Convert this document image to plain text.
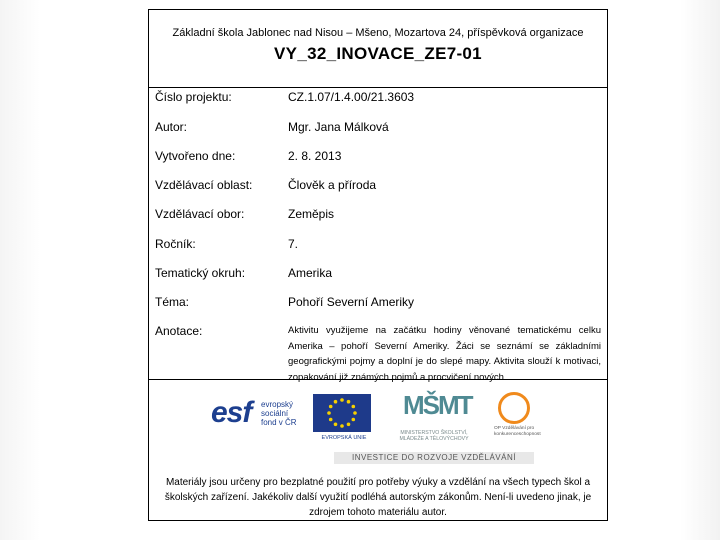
Základní škola Jablonec nad Nisou – Mšeno, Mozartova 24, příspěvková organizace
VY_32_INOVACE_ZE7-01
Číslo projektu:	CZ.1.07/1.4.00/21.3603
Autor:	Mgr. Jana Málková
Vytvořeno dne:	2. 8. 2013
Vzdělávací oblast:	Člověk a příroda
Vzdělávací obor:	Zeměpis
Ročník:	7.
Tematický okruh:	Amerika
Téma:	Pohoří Severní Ameriky
Anotace:	Aktivitu využijeme na začátku hodiny věnované tematickému celku Amerika – pohoří Severní Ameriky. Žáci se seznámí se základními geografickými pojmy a doplní je do slepé mapy. Aktivita slouží k motivaci, zopakování již známých pojmů a procvičení nových.
esf evropský sociální fond v ČR
EVROPSKÁ UNIE
MŠMT
MINISTERSTVO ŠKOLSTVÍ, MLÁDEŽE A TĚLOVÝCHOVY
OP Vzdělávání pro konkurenceschopnost
INVESTICE DO ROZVOJE VZDĚLÁVÁNÍ
Materiály jsou určeny pro bezplatné použití pro potřeby výuky a vzdělání na všech typech škol a školských zařízení. Jakékoliv další využití podléhá autorským zákonům. Není-li uvedeno jinak, je zdrojem tohoto materiálu autor.
